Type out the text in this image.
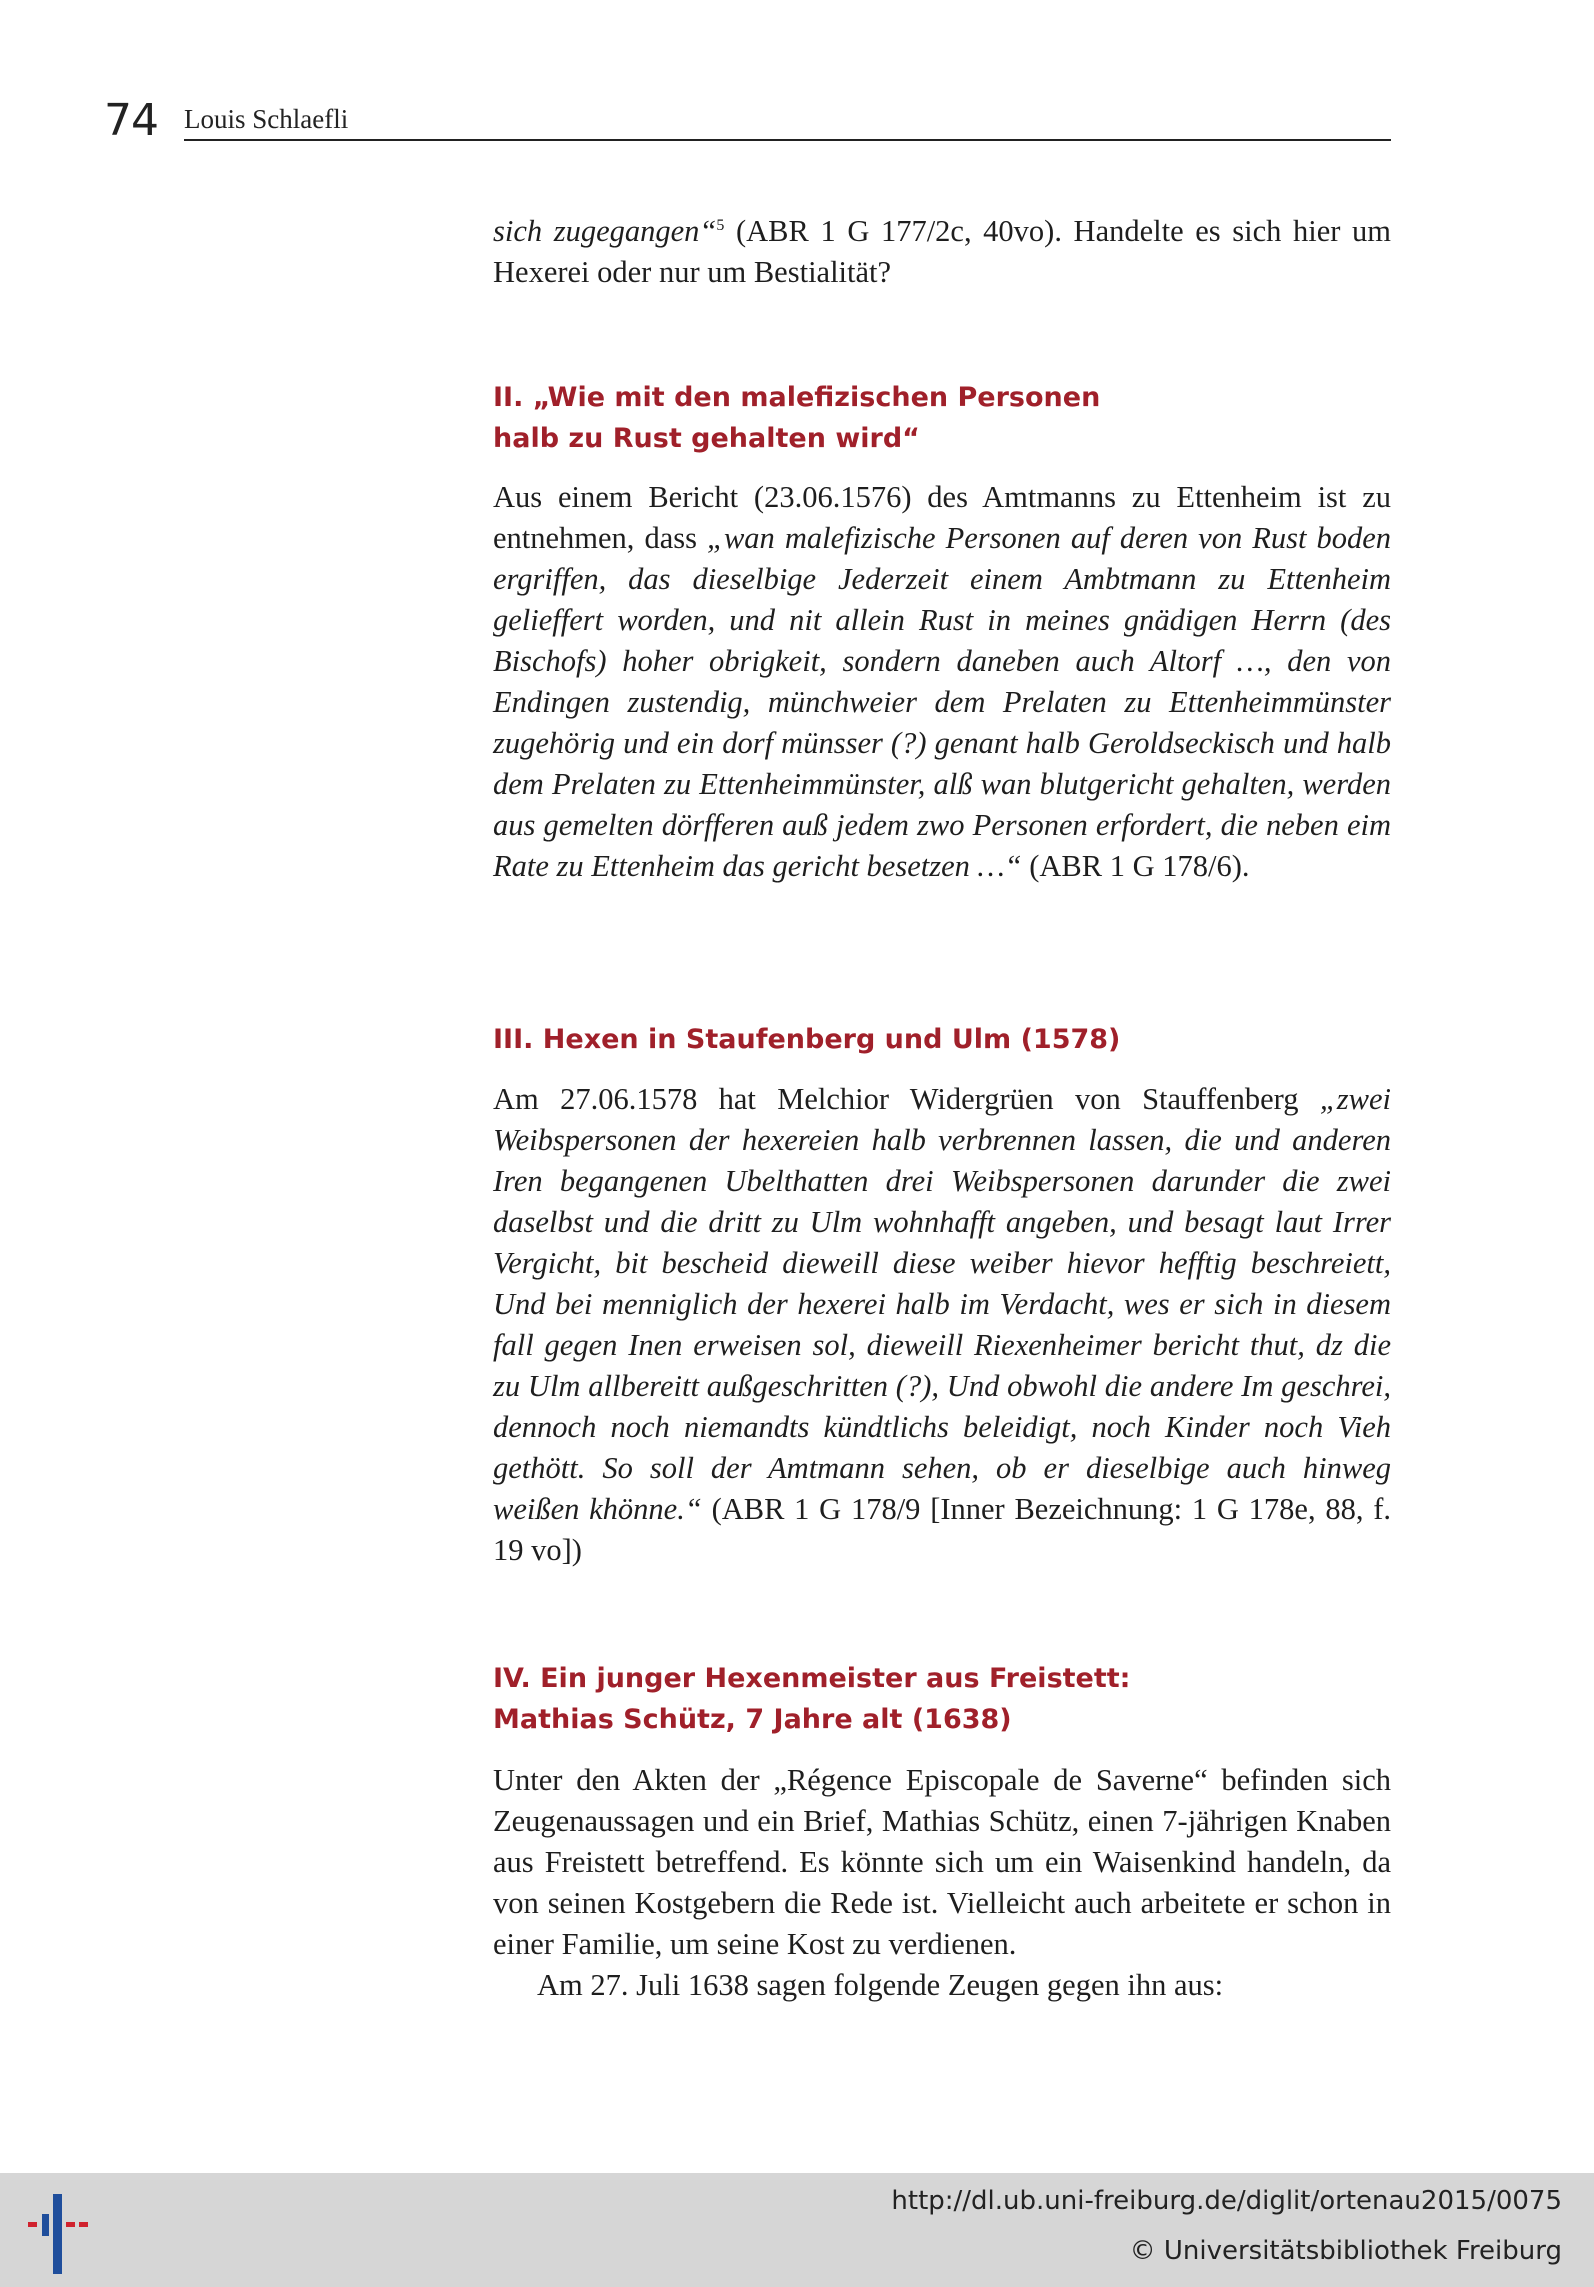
74 Louis Schlaefli

sich zugegangen“$^5$ (ABR 1 G 177/2c, 40vo). Handelte es sich hier um Hexerei oder nur um Bestialität?

II. „Wie mit den malefizischen Personen
halb zu Rust gehalten wird“

Aus einem Bericht (23.06.1576) des Amtmanns zu Ettenheim ist zu entnehmen, dass „wan malefizische Personen auf deren von Rust boden ergriffen, das dieselbige Jederzeit einem Ambtmann zu Ettenheim gelieffert worden, und nit allein Rust in meines gnädigen Herrn (des Bischofs) hoher obrigkeit, sondern daneben auch Altorf …, den von Endingen zustendig, münchweier dem Prelaten zu Ettenheimmünster zugehörig und ein dorf münsser (?) genant halb Geroldseckisch und halb dem Prelaten zu Ettenheimmünster, alß wan blutgericht gehalten, werden aus gemelten dörfferen auß jedem zwo Personen erfordert, die neben eim Rate zu Ettenheim das gericht besetzen …“ (ABR 1 G 178/6).

III. Hexen in Staufenberg und Ulm (1578)

Am 27.06.1578 hat Melchior Widergrüen von Stauffenberg „zwei Weibspersonen der hexereien halb verbrennen lassen, die und anderen Iren begangenen Ubelthatten drei Weibspersonen darunder die zwei daselbst und die dritt zu Ulm wohnhafft angeben, und besagt laut Irrer Vergicht, bit bescheid dieweill diese weiber hievor hefftig beschreiett, Und bei menniglich der hexerei halb im Verdacht, wes er sich in diesem fall gegen Inen erweisen sol, dieweill Riexenheimer bericht thut, dz die zu Ulm allbereitt außgeschritten (?), Und obwohl die andere Im geschrei, dennoch noch niemandts kündtlichs beleidigt, noch Kinder noch Vieh gethött. So soll der Amtmann sehen, ob er dieselbige auch hinweg weißen khönne.“ (ABR 1 G 178/9 [Inner Bezeichnung: 1 G 178e, 88, f. 19 vo])

IV. Ein junger Hexenmeister aus Freistett:
Mathias Schütz, 7 Jahre alt (1638)

Unter den Akten der „Régence Episcopale de Saverne“ befinden sich Zeugenaussagen und ein Brief, Mathias Schütz, einen 7-jährigen Knaben aus Freistett betreffend. Es könnte sich um ein Waisenkind handeln, da von seinen Kostgebern die Rede ist. Vielleicht auch arbeitete er schon in einer Familie, um seine Kost zu verdienen.

Am 27. Juli 1638 sagen folgende Zeugen gegen ihn aus:

http://dl.ub.uni-freiburg.de/diglit/ortenau2015/0075
© Universitätsbibliothek Freiburg
